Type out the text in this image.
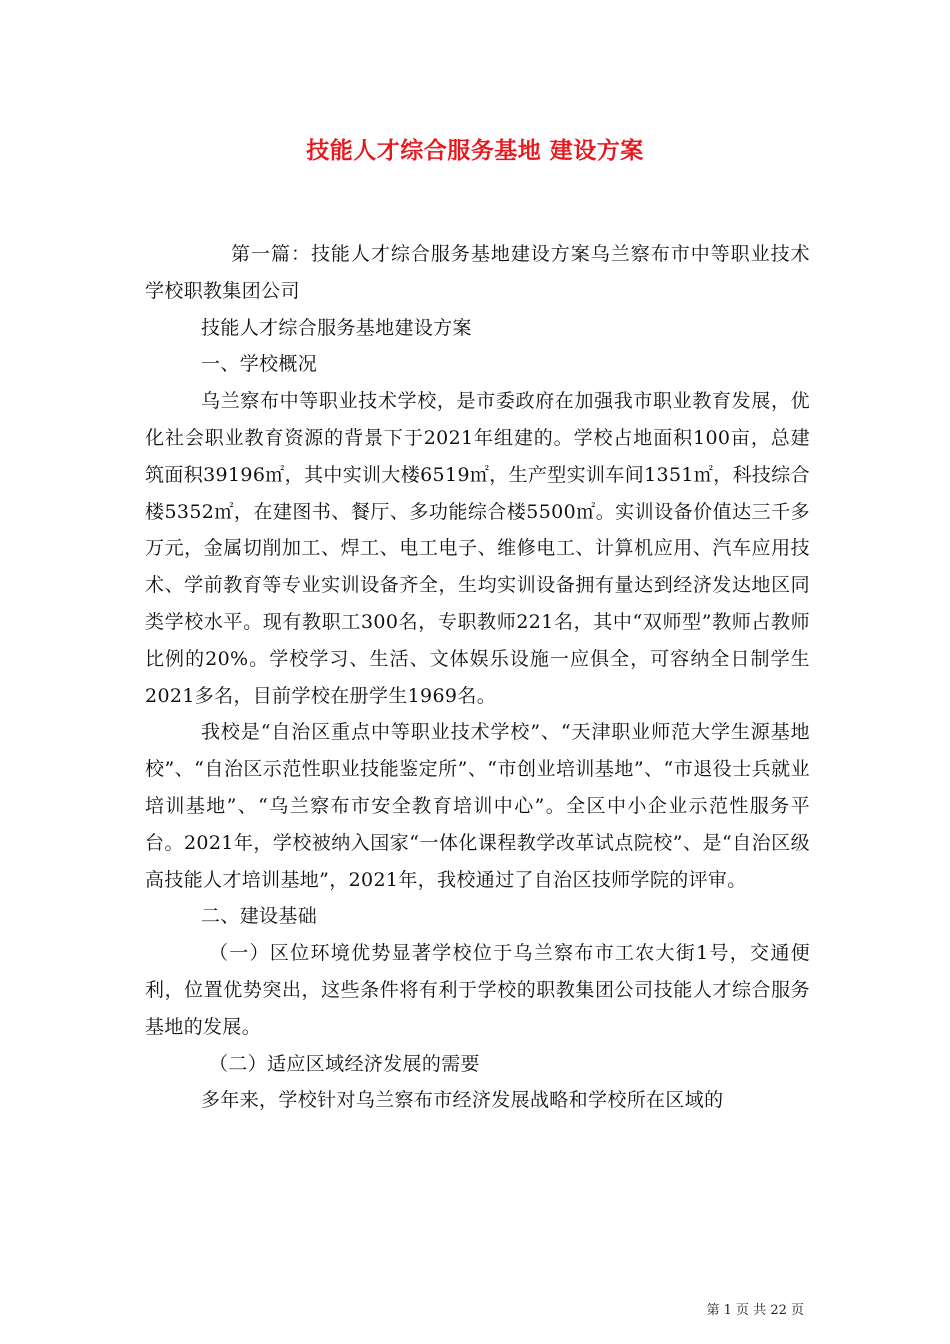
技能人才综合服务基地 建设方案

第一篇：技能人才综合服务基地建设方案乌兰察布市中等职业技术学校职教集团公司

技能人才综合服务基地建设方案

一、学校概况

乌兰察布中等职业技术学校，是市委政府在加强我市职业教育发展，优化社会职业教育资源的背景下于2021年组建的。学校占地面积100亩，总建筑面积39196㎡，其中实训大楼6519㎡，生产型实训车间1351㎡，科技综合楼5352㎡，在建图书、餐厅、多功能综合楼5500㎡。实训设备价值达三千多万元，金属切削加工、焊工、电工电子、维修电工、计算机应用、汽车应用技术、学前教育等专业实训设备齐全，生均实训设备拥有量达到经济发达地区同类学校水平。现有教职工300名，专职教师221名，其中“双师型”教师占教师比例的20%。学校学习、生活、文体娱乐设施一应俱全，可容纳全日制学生2021多名，目前学校在册学生1969名。

我校是“自治区重点中等职业技术学校”、“天津职业师范大学生源基地校”、“自治区示范性职业技能鉴定所”、“市创业培训基地”、“市退役士兵就业培训基地”、“乌兰察布市安全教育培训中心”。全区中小企业示范性服务平台。2021年，学校被纳入国家“一体化课程教学改革试点院校”、是“自治区级高技能人才培训基地”，2021年，我校通过了自治区技师学院的评审。

二、建设基础

（一）区位环境优势显著学校位于乌兰察布市工农大街1号，交通便利，位置优势突出，这些条件将有利于学校的职教集团公司技能人才综合服务基地的发展。

（二）适应区域经济发展的需要

多年来，学校针对乌兰察布市经济发展战略和学校所在区域的

第 1 页 共 22 页
